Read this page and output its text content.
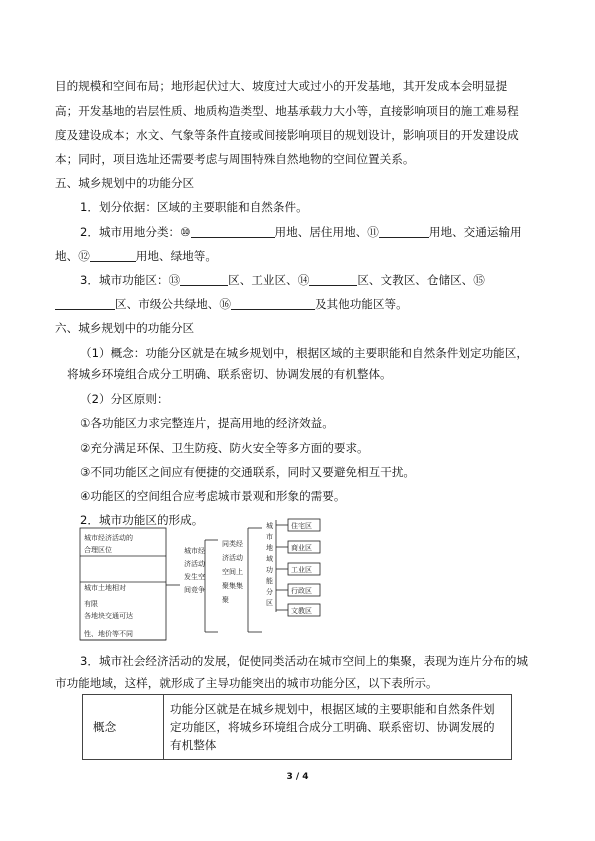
目的规模和空间布局；地形起伏过大、坡度过大或过小的开发基地，其开发成本会明显提
高；开发基地的岩层性质、地质构造类型、地基承载力大小等，直接影响项目的施工难易程
度及建设成本；水文、气象等条件直接或间接影响项目的规划设计，影响项目的开发建设成
本；同时，项目选址还需要考虑与周围特殊自然地物的空间位置关系。
五、城乡规划中的功能分区
1．划分依据：区域的主要职能和自然条件。
2．城市用地分类：⑩	用地、居住用地、⑪	用地、交通运输用
地、⑫	用地、绿地等。
3．城市功能区：⑬	区、工业区、⑭	区、文教区、仓储区、⑮
区、市级公共绿地、⑯	及其他功能区等。
六、城乡规划中的功能分区
（1）概念：功能分区就是在城乡规划中，根据区域的主要职能和自然条件划定功能区，
将城乡环境组合成分工明确、联系密切、协调发展的有机整体。
（2）分区原则：
①各功能区力求完整连片，提高用地的经济效益。
②充分满足环保、卫生防疫、防火安全等多方面的要求。
③不同功能区之间应有便捷的交通联系，同时又要避免相互干扰。
④功能区的空间组合应考虑城市景观和形象的需要。
2．城市功能区的形成。
城市经济活动的
合理区位
城市土地相对
有限
各地块交通可达
性、地价等不同
城市经
济活动
发生空
间竞争
同类经
济活动
空间上
聚集集
聚
城
市
地
域
功
能
分
区
住宅区
商业区
工业区
行政区
文教区
3．城市社会经济活动的发展，促使同类活动在城市空间上的集聚，表现为连片分布的城
市功能地域，这样，就形成了主导功能突出的城市功能分区，以下表所示。
概念	功能分区就是在城乡规划中，根据区域的主要职能和自然条件划定功能区，将城乡环境组合成分工明确、联系密切、协调发展的有机整体
3 / 4
